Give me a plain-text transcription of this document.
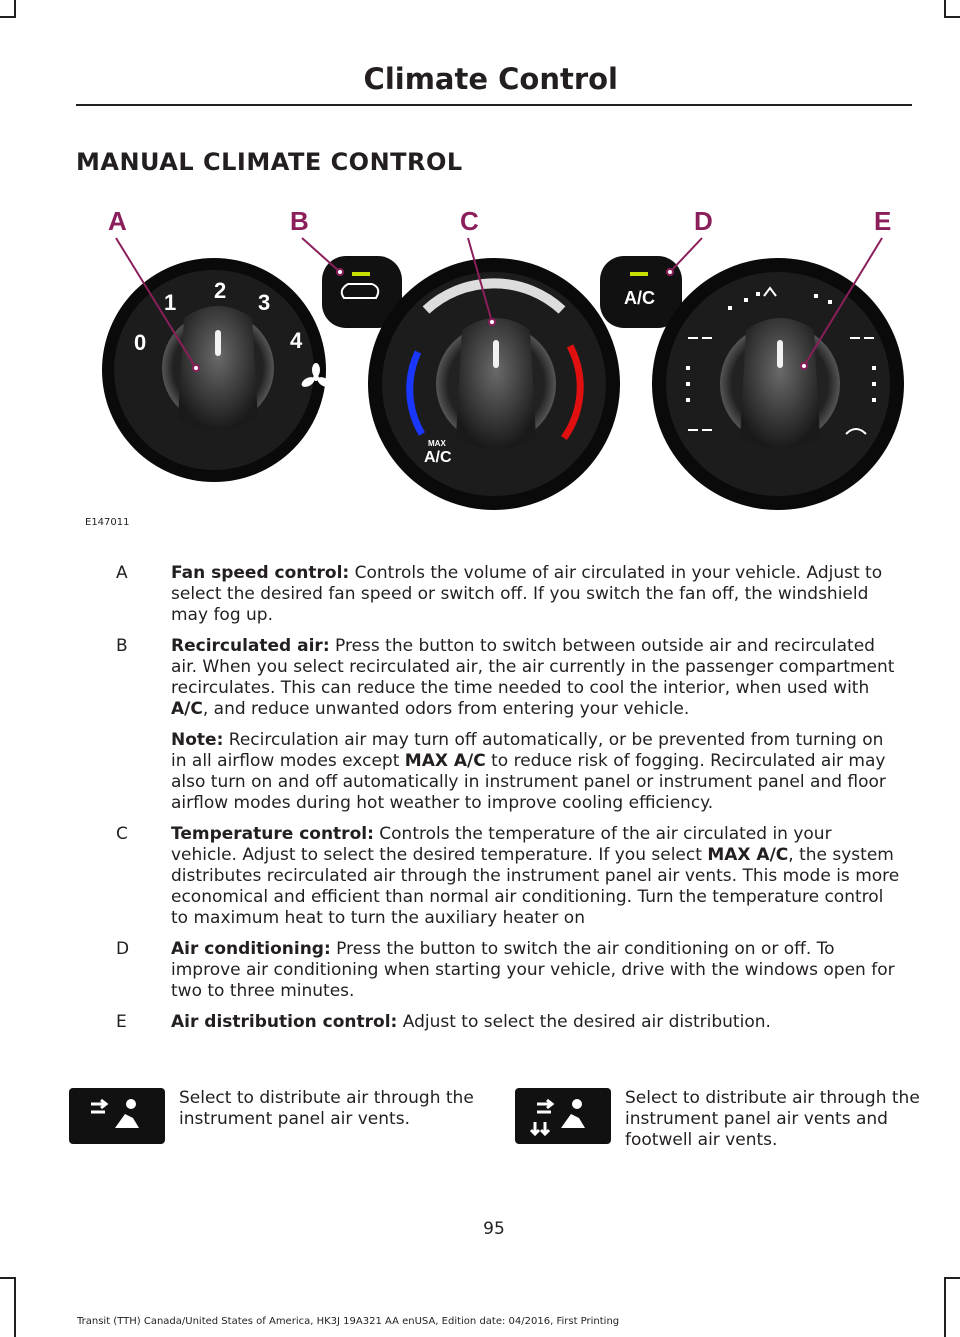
Climate Control
MANUAL CLIMATE CONTROL
A	B	C	D	E
0
1 2 3
4
MAX
A/C
A/C
E147011
A	Fan speed control: Controls the volume of air circulated in your vehicle. Adjust to select the desired fan speed or switch off. If you switch the fan off, the windshield may fog up.
B	Recirculated air: Press the button to switch between outside air and recirculated air. When you select recirculated air, the air currently in the passenger compartment recirculates. This can reduce the time needed to cool the interior, when used with A/C, and reduce unwanted odors from entering your vehicle.
Note: Recirculation air may turn off automatically, or be prevented from turning on in all airflow modes except MAX A/C to reduce risk of fogging. Recirculated air may also turn on and off automatically in instrument panel or instrument panel and floor airflow modes during hot weather to improve cooling efficiency.
C	Temperature control: Controls the temperature of the air circulated in your vehicle. Adjust to select the desired temperature. If you select MAX A/C, the system distributes recirculated air through the instrument panel air vents. This mode is more economical and efficient than normal air conditioning. Turn the temperature control to maximum heat to turn the auxiliary heater on
D	Air conditioning: Press the button to switch the air conditioning on or off. To improve air conditioning when starting your vehicle, drive with the windows open for two to three minutes.
E	Air distribution control: Adjust to select the desired air distribution.
Select to distribute air through the instrument panel air vents.
Select to distribute air through the instrument panel air vents and footwell air vents.
95
Transit (TTH) Canada/United States of America, HK3J 19A321 AA enUSA, Edition date: 04/2016, First Printing
